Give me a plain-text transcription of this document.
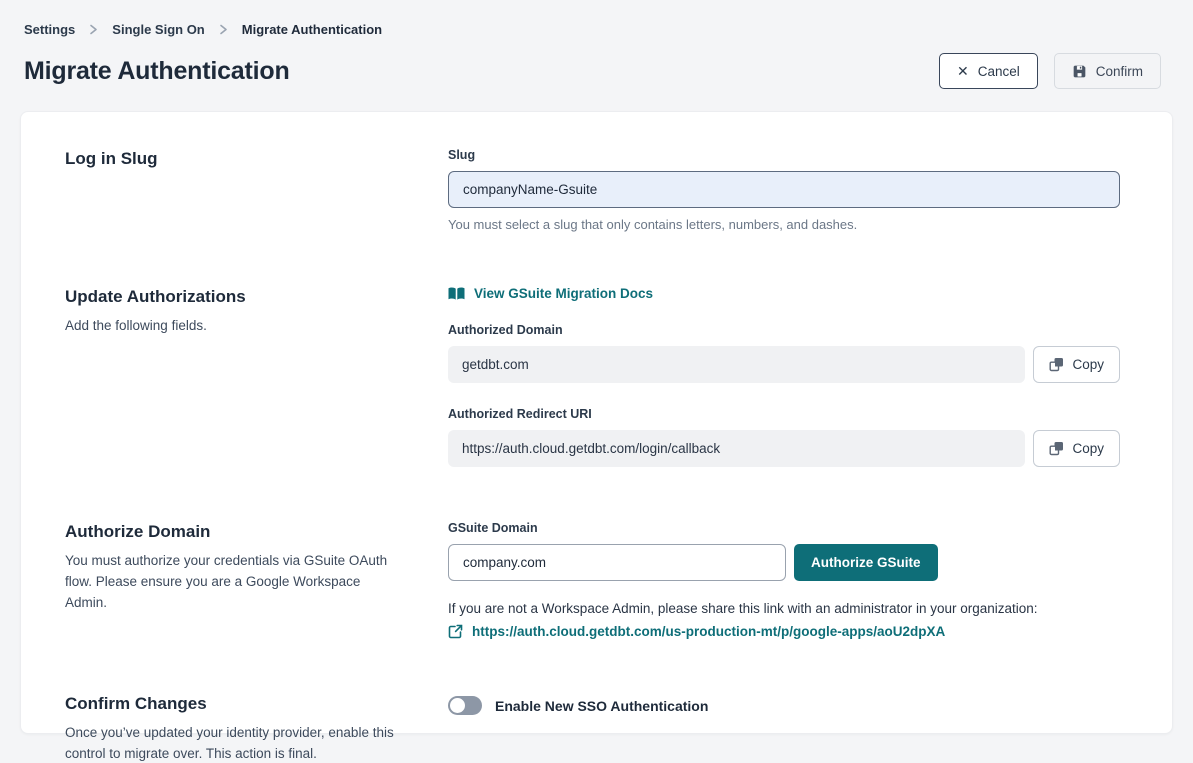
Settings	Single Sign On	Migrate Authentication
Migrate Authentication	✕ Cancel	Confirm
Log in Slug	Slug
companyName-Gsuite
You must select a slug that only contains letters, numbers, and dashes.
Update Authorizations
Add the following fields.
View GSuite Migration Docs
Authorized Domain
getdbt.com	Copy
Authorized Redirect URI
https://auth.cloud.getdbt.com/login/callback	Copy
Authorize Domain
You must authorize your credentials via GSuite OAuth flow. Please ensure you are a Google Workspace Admin.
GSuite Domain
company.com
Authorize GSuite
If you are not a Workspace Admin, please share this link with an administrator in your organization:
https://auth.cloud.getdbt.com/us-production-mt/p/google-apps/aoU2dpXA
Confirm Changes
Once you’ve updated your identity provider, enable this control to migrate over. This action is final.
Enable New SSO Authentication
